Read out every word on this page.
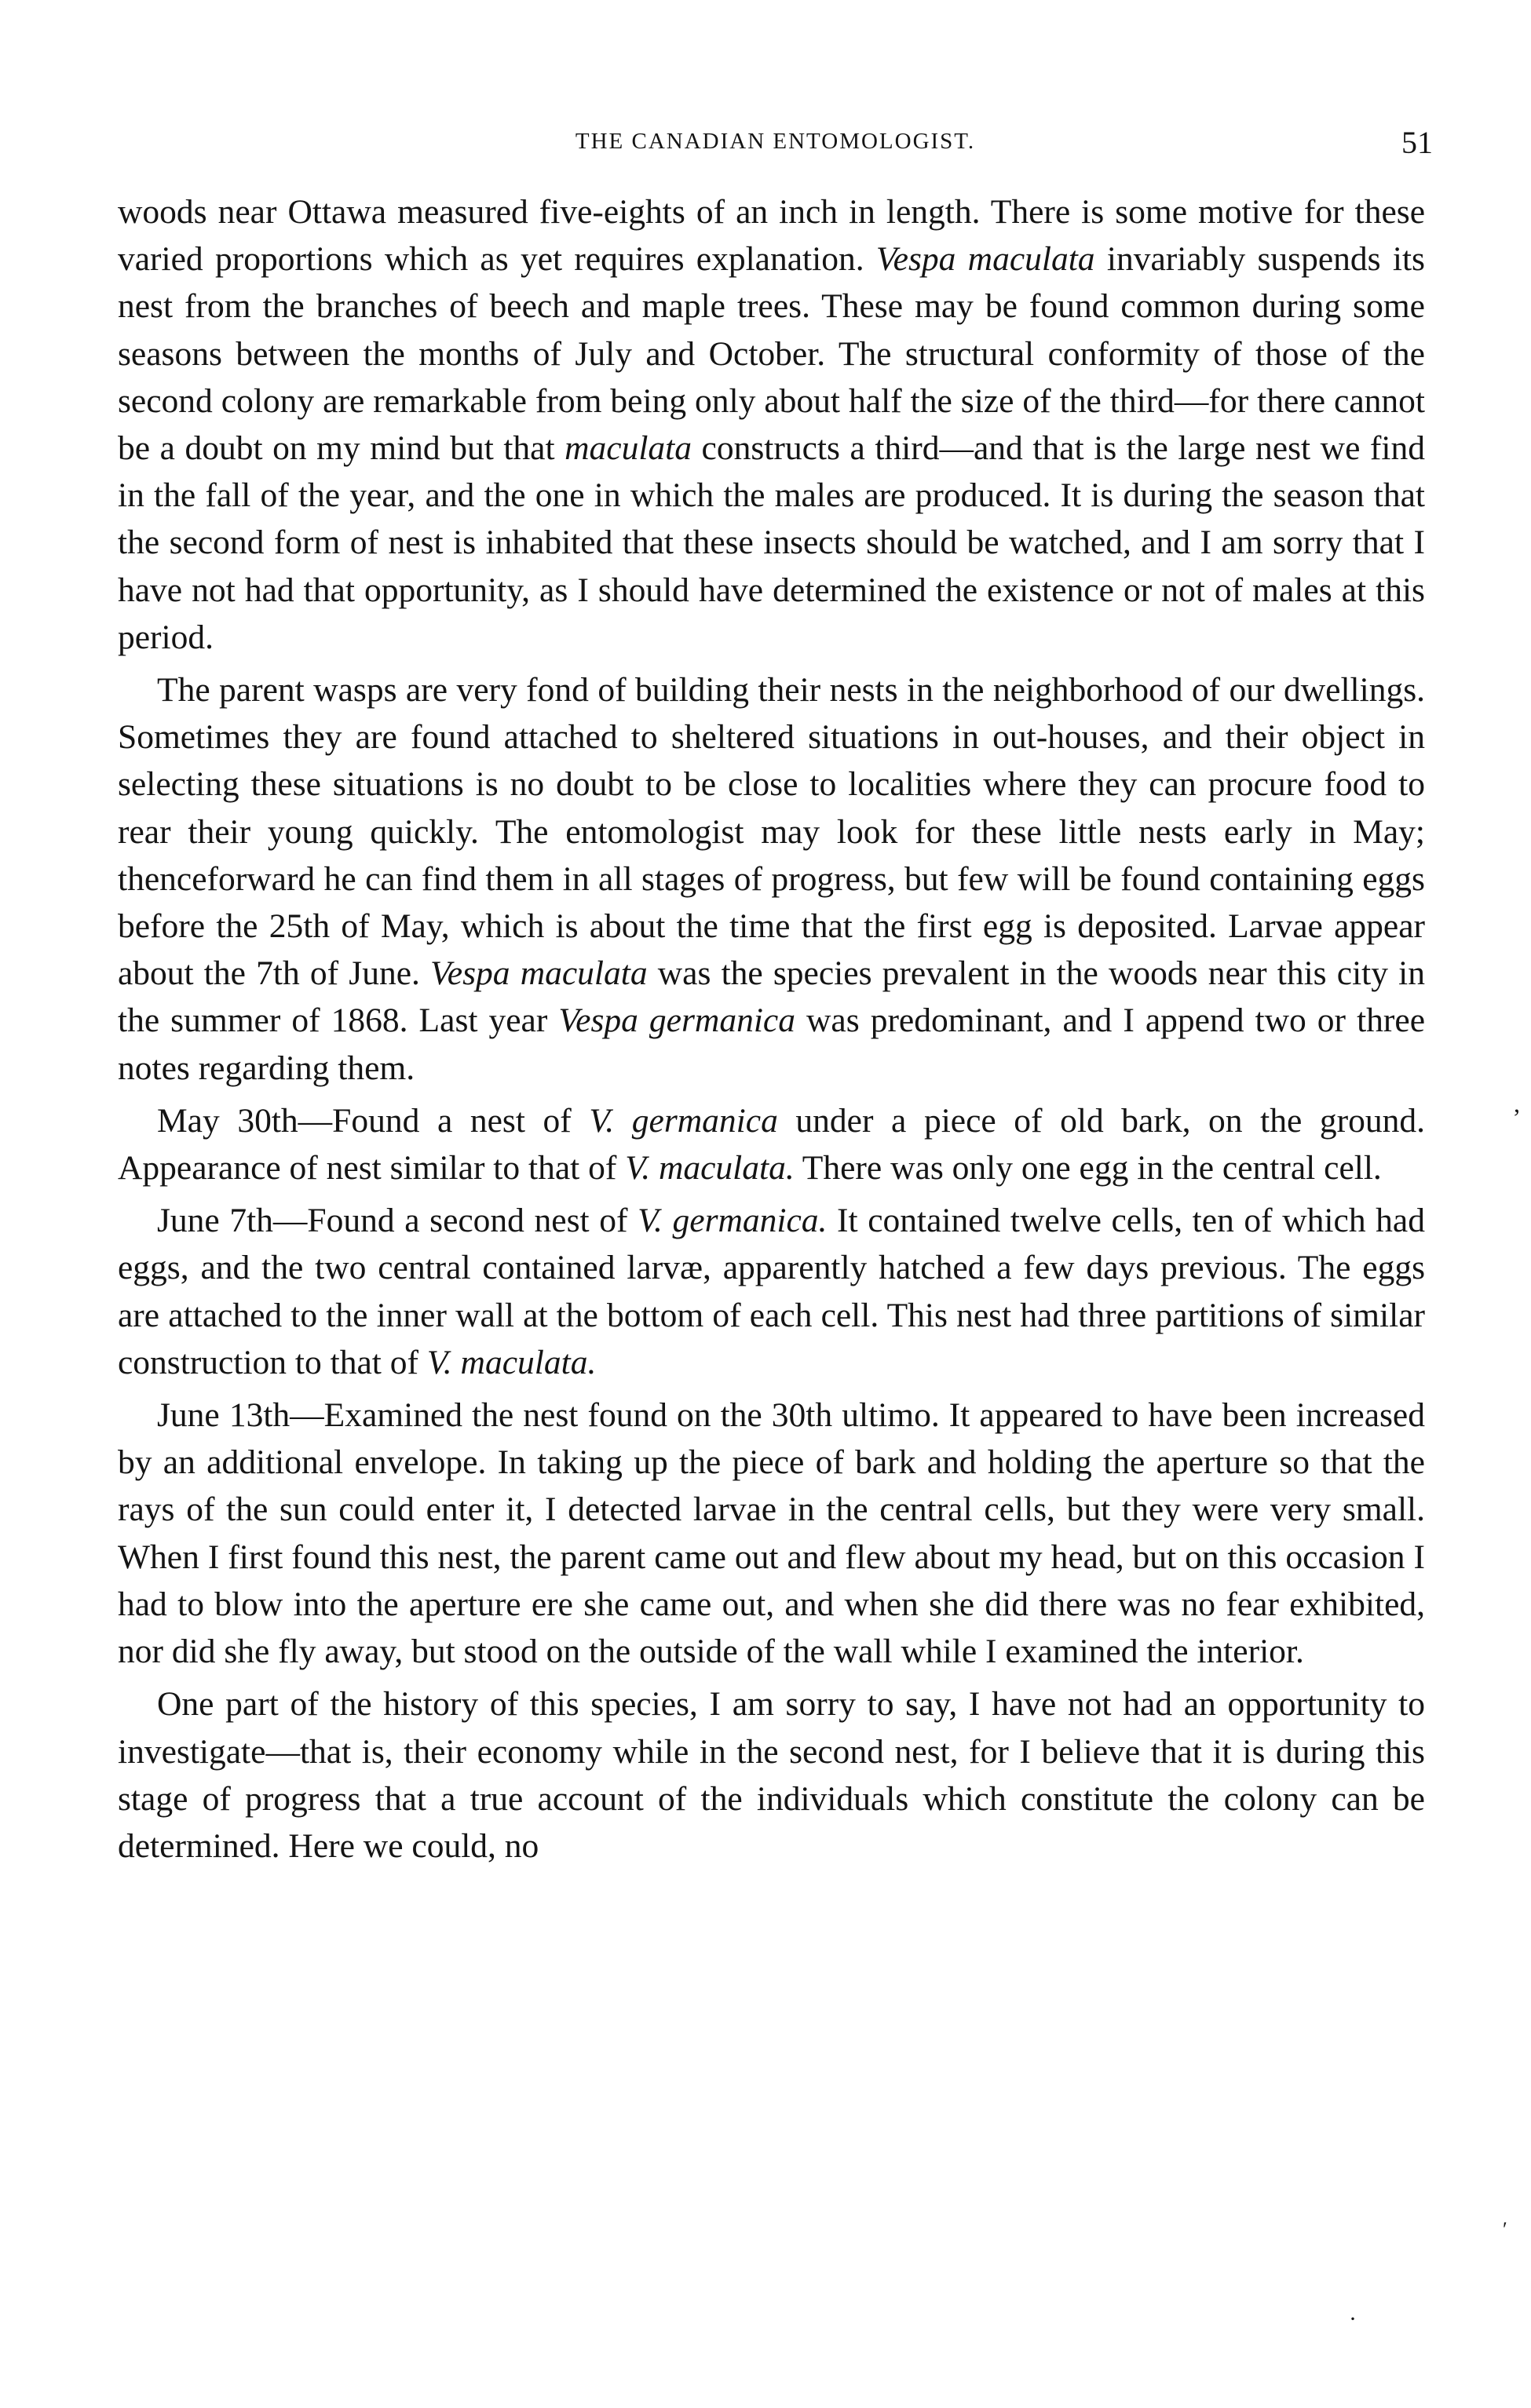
THE CANADIAN ENTOMOLOGIST.	51

woods near Ottawa measured five-eights of an inch in length. There is some motive for these varied proportions which as yet requires explanation. Vespa maculata invariably suspends its nest from the branches of beech and maple trees. These may be found common during some seasons between the months of July and October. The structural conformity of those of the second colony are remarkable from being only about half the size of the third—for there cannot be a doubt on my mind but that maculata constructs a third—and that is the large nest we find in the fall of the year, and the one in which the males are produced. It is during the season that the second form of nest is inhabited that these insects should be watched, and I am sorry that I have not had that opportunity, as I should have determined the existence or not of males at this period.

The parent wasps are very fond of building their nests in the neighborhood of our dwellings. Sometimes they are found attached to sheltered situations in out-houses, and their object in selecting these situations is no doubt to be close to localities where they can procure food to rear their young quickly. The entomologist may look for these little nests early in May; thenceforward he can find them in all stages of progress, but few will be found containing eggs before the 25th of May, which is about the time that the first egg is deposited. Larvae appear about the 7th of June. Vespa maculata was the species prevalent in the woods near this city in the summer of 1868. Last year Vespa germanica was predominant, and I append two or three notes regarding them.

May 30th—Found a nest of V. germanica under a piece of old bark, on the ground. Appearance of nest similar to that of V. maculata. There was only one egg in the central cell.

June 7th—Found a second nest of V. germanica. It contained twelve cells, ten of which had eggs, and the two central contained larvæ, apparently hatched a few days previous. The eggs are attached to the inner wall at the bottom of each cell. This nest had three partitions of similar construction to that of V. maculata.

June 13th—Examined the nest found on the 30th ultimo. It appeared to have been increased by an additional envelope. In taking up the piece of bark and holding the aperture so that the rays of the sun could enter it, I detected larvae in the central cells, but they were very small. When I first found this nest, the parent came out and flew about my head, but on this occasion I had to blow into the aperture ere she came out, and when she did there was no fear exhibited, nor did she fly away, but stood on the outside of the wall while I examined the interior.

One part of the history of this species, I am sorry to say, I have not had an opportunity to investigate—that is, their economy while in the second nest, for I believe that it is during this stage of progress that a true account of the individuals which constitute the colony can be determined. Here we could, no

,
′
·
